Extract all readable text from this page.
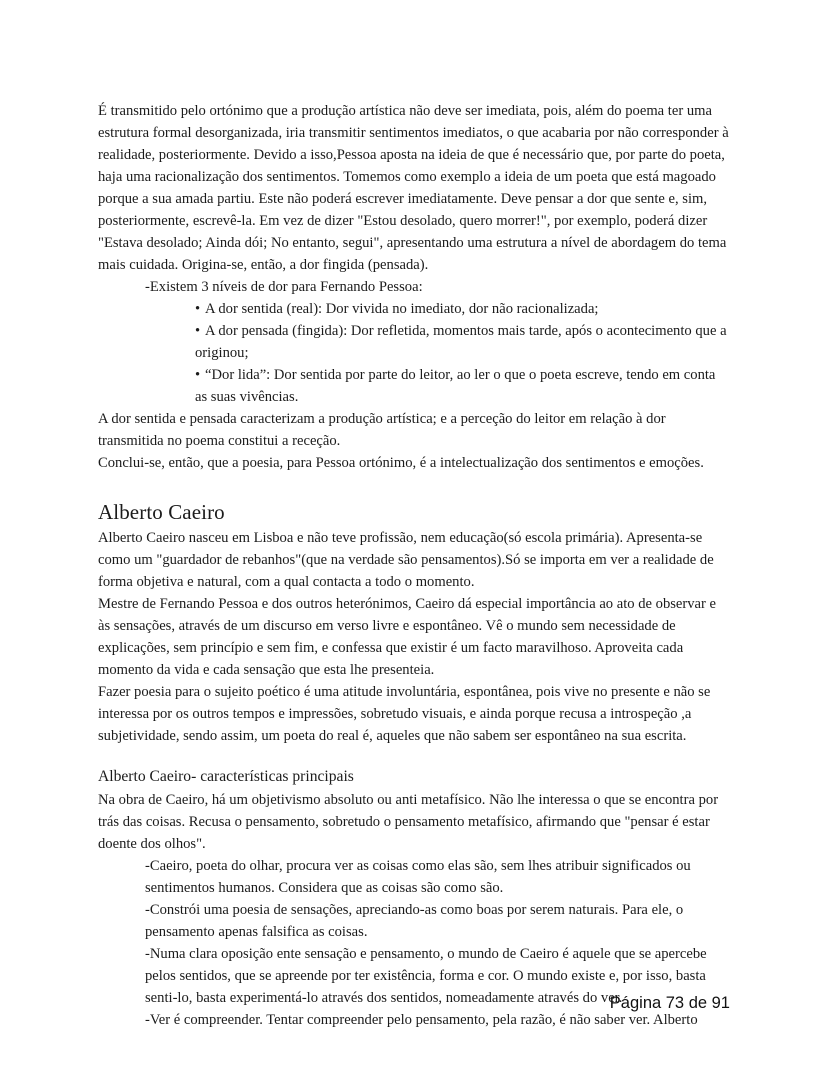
É transmitido pelo ortónimo que a produção artística não deve ser imediata, pois, além do poema ter uma estrutura formal desorganizada, iria transmitir sentimentos imediatos, o que acabaria por não corresponder à realidade, posteriormente. Devido a isso,Pessoa aposta na ideia de que é necessário que, por parte do poeta, haja uma racionalização dos sentimentos. Tomemos como exemplo a ideia de um poeta que está magoado porque a sua amada partiu. Este não poderá escrever imediatamente. Deve pensar a dor que sente e, sim, posteriormente, escrevê-la. Em vez de dizer "Estou desolado, quero morrer!", por exemplo, poderá dizer "Estava desolado; Ainda dói; No entanto, segui", apresentando uma estrutura a nível de abordagem do tema mais cuidada. Origina-se, então, a dor fingida (pensada).

-Existem 3 níveis de dor para Fernando Pessoa:

• A dor sentida (real): Dor vivida no imediato, dor não racionalizada;

• A dor pensada (fingida): Dor refletida, momentos mais tarde, após o acontecimento que a originou;

• “Dor lida”: Dor sentida por parte do leitor, ao ler o que o poeta escreve, tendo em conta as suas vivências.

A dor sentida e pensada caracterizam a produção artística; e a perceção do leitor em relação à dor transmitida no poema constitui a receção.

Conclui-se, então, que a poesia, para Pessoa ortónimo, é a intelectualização dos sentimentos e emoções.

Alberto Caeiro

Alberto Caeiro nasceu em Lisboa e não teve profissão, nem educação(só escola primária). Apresenta-se como um "guardador de rebanhos"(que na verdade são pensamentos).Só se importa em ver a realidade de forma objetiva e natural, com a qual contacta a todo o momento.

Mestre de Fernando Pessoa e dos outros heterónimos, Caeiro dá especial importância ao ato de observar e às sensações, através de um discurso em verso livre e espontâneo. Vê o mundo sem necessidade de explicações, sem princípio e sem fim, e confessa que existir é um facto maravilhoso. Aproveita cada momento da vida e cada sensação que esta lhe presenteia.

Fazer poesia para o sujeito poético é uma atitude involuntária, espontânea, pois vive no presente e não se interessa por os outros tempos e impressões, sobretudo visuais, e ainda porque recusa a introspeção ,a subjetividade, sendo assim, um poeta do real é, aqueles que não sabem ser espontâneo na sua escrita.

Alberto Caeiro- características principais

Na obra de Caeiro, há um objetivismo absoluto ou anti metafísico. Não lhe interessa o que se encontra por trás das coisas. Recusa o pensamento, sobretudo o pensamento metafísico, afirmando que "pensar é estar doente dos olhos".

-Caeiro, poeta do olhar, procura ver as coisas como elas são, sem lhes atribuir significados ou sentimentos humanos. Considera que as coisas são como são.

-Constrói uma poesia de sensações, apreciando-as como boas por serem naturais. Para ele, o pensamento apenas falsifica as coisas.

-Numa clara oposição ente sensação e pensamento, o mundo de Caeiro é aquele que se apercebe pelos sentidos, que se apreende por ter existência, forma e cor. O mundo existe e, por isso, basta senti-lo, basta experimentá-lo através dos sentidos, nomeadamente através do ver.

-Ver é compreender. Tentar compreender pelo pensamento, pela razão, é não saber ver. Alberto

Página 73 de 91
